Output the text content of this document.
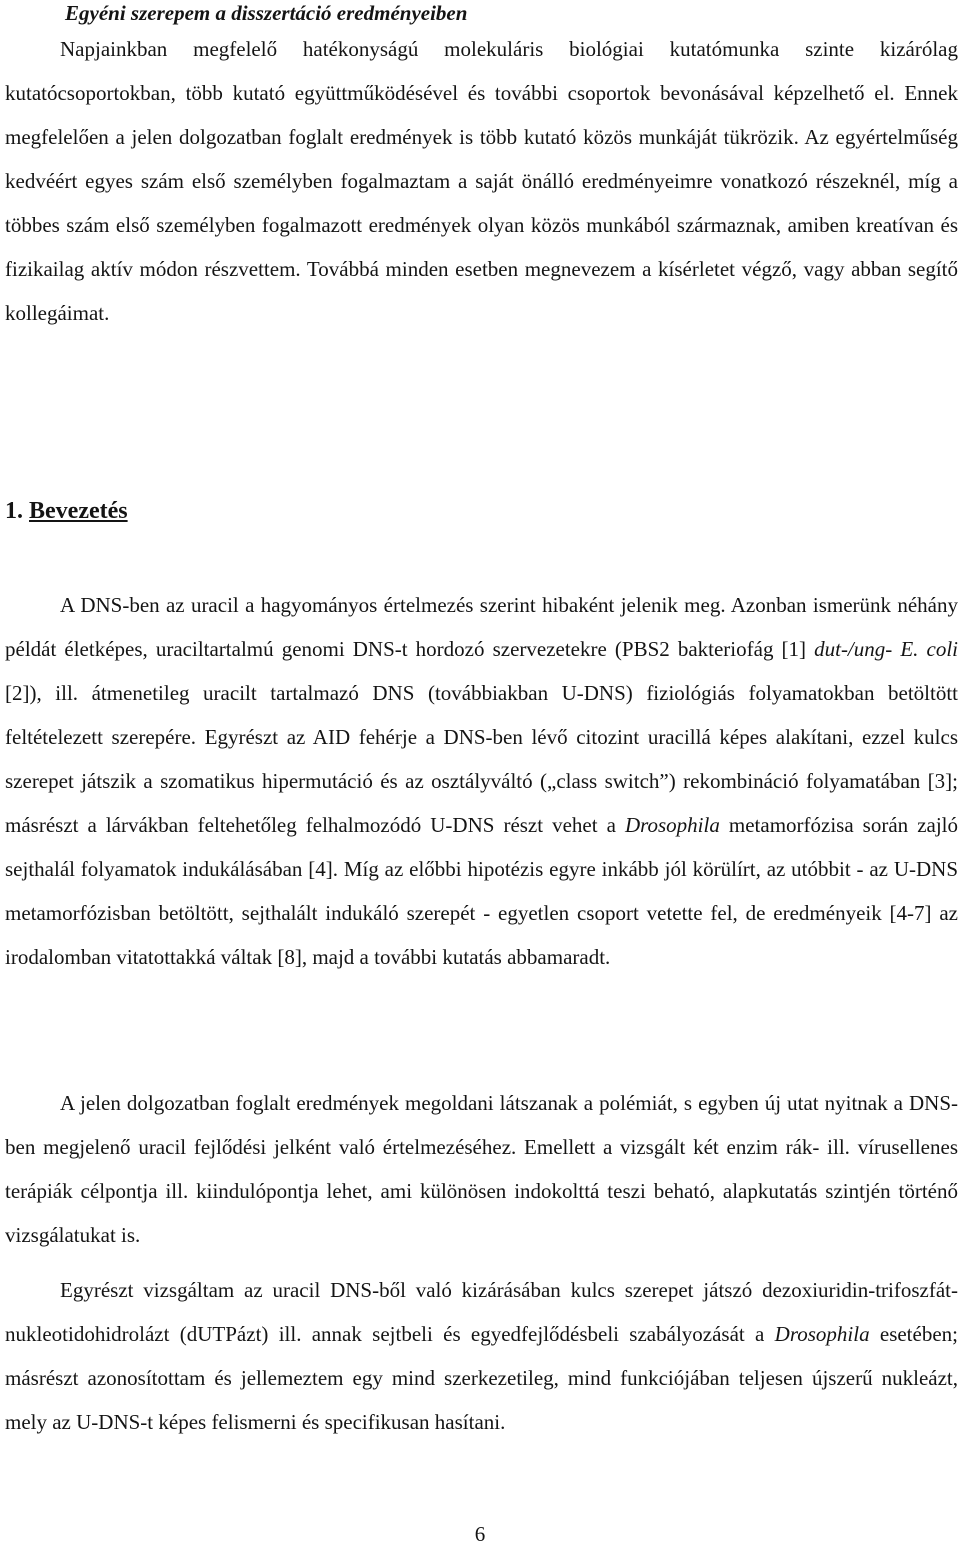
Egyéni szerepem a disszertáció eredményeiben

Napjainkban megfelelő hatékonyságú molekuláris biológiai kutatómunka szinte kizárólag kutatócsoportokban, több kutató együttműködésével és további csoportok bevonásával képzelhető el. Ennek megfelelően a jelen dolgozatban foglalt eredmények is több kutató közös munkáját tükrözik. Az egyértelműség kedvéért egyes szám első személyben fogalmaztam a saját önálló eredményeimre vonatkozó részeknél, míg a többes szám első személyben fogalmazott eredmények olyan közös munkából származnak, amiben kreatívan és fizikailag aktív módon részvettem. Továbbá minden esetben megnevezem a kísérletet végző, vagy abban segítő kollegáimat.

1. Bevezetés

A DNS-ben az uracil a hagyományos értelmezés szerint hibaként jelenik meg. Azonban ismerünk néhány példát életképes, uraciltartalmú genomi DNS-t hordozó szervezetekre (PBS2 bakteriofág [1] dut-/ung- E. coli [2]), ill. átmenetileg uracilt tartalmazó DNS (továbbiakban U-DNS) fiziológiás folyamatokban betöltött feltételezett szerepére. Egyrészt az AID fehérje a DNS-ben lévő citozint uracillá képes alakítani, ezzel kulcs szerepet játszik a szomatikus hipermutáció és az osztályváltó („class switch”) rekombináció folyamatában [3]; másrészt a lárvákban feltehetőleg felhalmozódó U-DNS részt vehet a Drosophila metamorfózisa során zajló sejthalál folyamatok indukálásában [4]. Míg az előbbi hipotézis egyre inkább jól körülírt, az utóbbit - az U-DNS metamorfózisban betöltött, sejthalált indukáló szerepét - egyetlen csoport vetette fel, de eredményeik [4-7] az irodalomban vitatottakká váltak [8], majd a további kutatás abbamaradt.

A jelen dolgozatban foglalt eredmények megoldani látszanak a polémiát, s egyben új utat nyitnak a DNS-ben megjelenő uracil fejlődési jelként való értelmezéséhez. Emellett a vizsgált két enzim rák- ill. vírusellenes terápiák célpontja ill. kiindulópontja lehet, ami különösen indokolttá teszi beható, alapkutatás szintjén történő vizsgálatukat is.

Egyrészt vizsgáltam az uracil DNS-ből való kizárásában kulcs szerepet játszó dezoxiuridin-trifoszfát-nukleotidohidrolázt (dUTPázt) ill. annak sejtbeli és egyedfejlődésbeli szabályozását a Drosophila esetében; másrészt azonosítottam és jellemeztem egy mind szerkezetileg, mind funkciójában teljesen újszerű nukleázt, mely az U-DNS-t képes felismerni és specifikusan hasítani.

6
